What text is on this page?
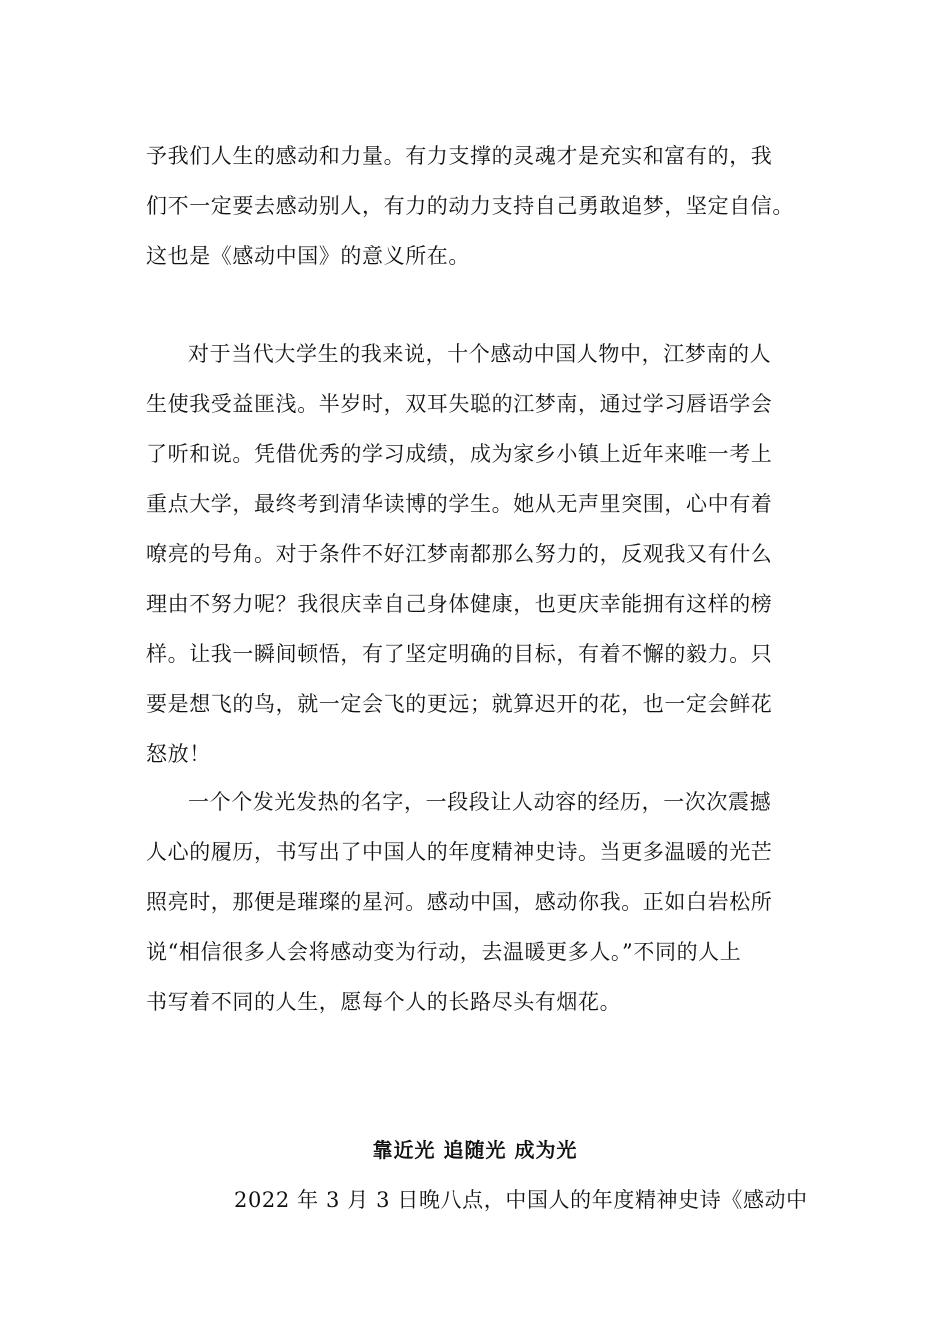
予我们人生的感动和力量。有力支撑的灵魂才是充实和富有的，我
们不一定要去感动别人，有力的动力支持自己勇敢追梦，坚定自信。
这也是《感动中国》的意义所在。
对于当代大学生的我来说，十个感动中国人物中，江梦南的人
生使我受益匪浅。半岁时，双耳失聪的江梦南，通过学习唇语学会
了听和说。凭借优秀的学习成绩，成为家乡小镇上近年来唯一考上
重点大学，最终考到清华读博的学生。她从无声里突围，心中有着
嘹亮的号角。对于条件不好江梦南都那么努力的，反观我又有什么
理由不努力呢？我很庆幸自己身体健康，也更庆幸能拥有这样的榜
样。让我一瞬间顿悟，有了坚定明确的目标，有着不懈的毅力。只
要是想飞的鸟，就一定会飞的更远；就算迟开的花，也一定会鲜花
怒放！
一个个发光发热的名字，一段段让人动容的经历，一次次震撼
人心的履历，书写出了中国人的年度精神史诗。当更多温暖的光芒
照亮时，那便是璀璨的星河。感动中国，感动你我。正如白岩松所
说“相信很多人会将感动变为行动，去温暖更多人。”不同的人上
书写着不同的人生，愿每个人的长路尽头有烟花。
靠近光 追随光 成为光
2022 年 3 月 3 日晚八点，中国人的年度精神史诗《感动中
